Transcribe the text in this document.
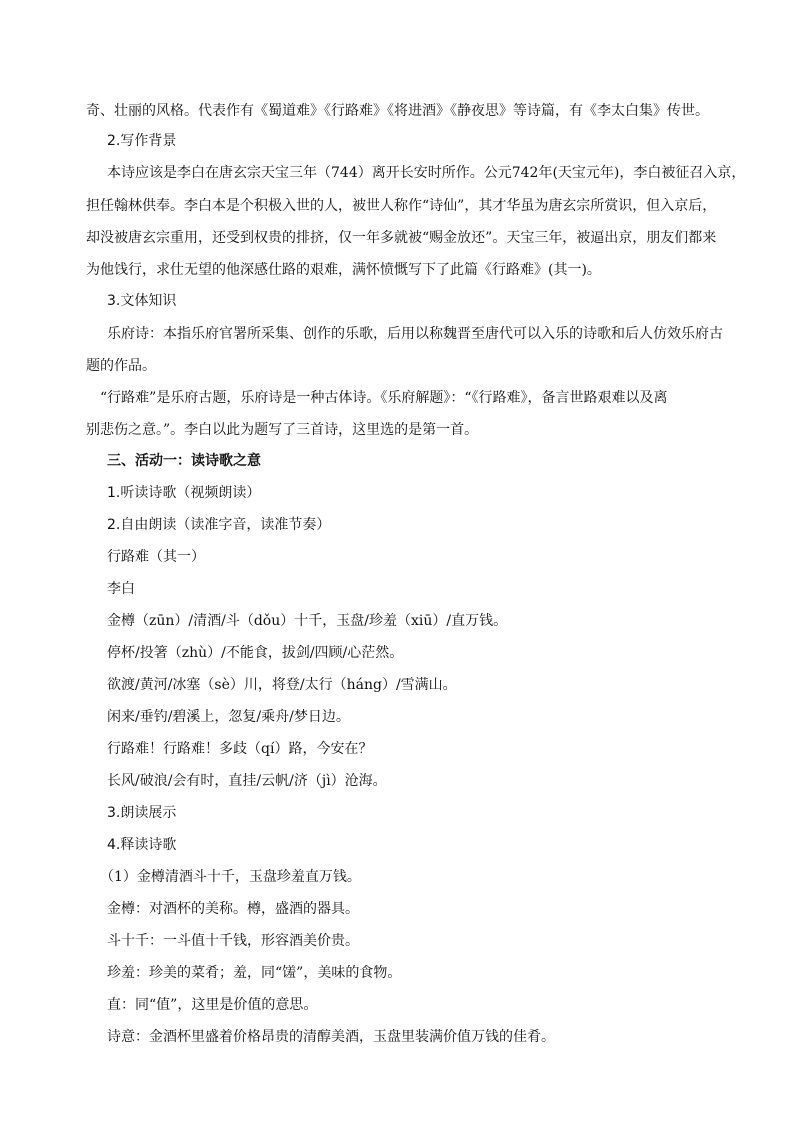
奇、壮丽的风格。代表作有《蜀道难》《行路难》《将进酒》《静夜思》等诗篇，有《李太白集》传世。
2.写作背景
本诗应该是李白在唐玄宗天宝三年（744）离开长安时所作。公元742年(天宝元年)，李白被征召入京，
担任翰林供奉。李白本是个积极入世的人，被世人称作“诗仙”，其才华虽为唐玄宗所赏识，但入京后，
却没被唐玄宗重用，还受到权贵的排挤，仅一年多就被“赐金放还”。天宝三年，被逼出京，朋友们都来
为他饯行，求仕无望的他深感仕路的艰难，满怀愤慨写下了此篇《行路难》(其一)。
3.文体知识
乐府诗：本指乐府官署所采集、创作的乐歌，后用以称魏晋至唐代可以入乐的诗歌和后人仿效乐府古
题的作品。
“行路难”是乐府古题，乐府诗是一种古体诗。《乐府解题》：“《行路难》，备言世路艰难以及离
别悲伤之意。”。李白以此为题写了三首诗，这里选的是第一首。
三、活动一：读诗歌之意
1.听读诗歌（视频朗读）
2.自由朗读（读准字音，读准节奏）
行路难（其一）
李白
金樽（zūn）/清酒/斗（dǒu）十千，玉盘/珍羞（xiū）/直万钱。
停杯/投箸（zhù）/不能食，拔剑/四顾/心茫然。
欲渡/黄河/冰塞（sè）川，将登/太行（háng）/雪满山。
闲来/垂钓/碧溪上，忽复/乘舟/梦日边。
行路难！行路难！多歧（qí）路，今安在？
长风/破浪/会有时，直挂/云帆/济（jì）沧海。
3.朗读展示
4.释读诗歌
（1）金樽清酒斗十千，玉盘珍羞直万钱。
金樽：对酒杯的美称。樽，盛酒的器具。
斗十千：一斗值十千钱，形容酒美价贵。
珍羞：珍美的菜肴；羞，同“馐”，美味的食物。
直：同“值”，这里是价值的意思。
诗意：金酒杯里盛着价格昂贵的清醇美酒，玉盘里装满价值万钱的佳肴。
